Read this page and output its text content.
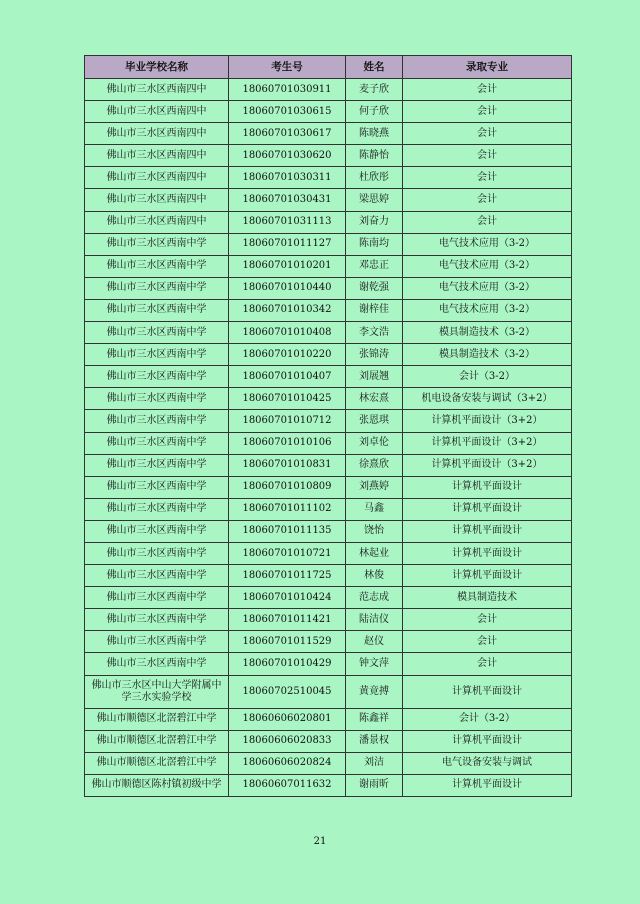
毕业学校名称	考生号	姓名	录取专业
佛山市三水区西南四中	18060701030911	麦子欣	会计
佛山市三水区西南四中	18060701030615	何子欣	会计
佛山市三水区西南四中	18060701030617	陈晓燕	会计
佛山市三水区西南四中	18060701030620	陈静怡	会计
佛山市三水区西南四中	18060701030311	杜欣彤	会计
佛山市三水区西南四中	18060701030431	梁思婷	会计
佛山市三水区西南四中	18060701031113	刘奋力	会计
佛山市三水区西南中学	18060701011127	陈南均	电气技术应用（3-2）
佛山市三水区西南中学	18060701010201	邓忠正	电气技术应用（3-2）
佛山市三水区西南中学	18060701010440	谢乾强	电气技术应用（3-2）
佛山市三水区西南中学	18060701010342	谢梓佳	电气技术应用（3-2）
佛山市三水区西南中学	18060701010408	李文浩	模具制造技术（3-2）
佛山市三水区西南中学	18060701010220	张锦涛	模具制造技术（3-2）
佛山市三水区西南中学	18060701010407	刘展翘	会计（3-2）
佛山市三水区西南中学	18060701010425	林宏熹	机电设备安装与调试（3+2）
佛山市三水区西南中学	18060701010712	张恩琪	计算机平面设计（3+2）
佛山市三水区西南中学	18060701010106	刘卓伦	计算机平面设计（3+2）
佛山市三水区西南中学	18060701010831	徐熹欣	计算机平面设计（3+2）
佛山市三水区西南中学	18060701010809	刘燕婷	计算机平面设计
佛山市三水区西南中学	18060701011102	马鑫	计算机平面设计
佛山市三水区西南中学	18060701011135	饶怡	计算机平面设计
佛山市三水区西南中学	18060701010721	林起业	计算机平面设计
佛山市三水区西南中学	18060701011725	林俊	计算机平面设计
佛山市三水区西南中学	18060701010424	范志成	模具制造技术
佛山市三水区西南中学	18060701011421	陆洁仪	会计
佛山市三水区西南中学	18060701011529	赵仪	会计
佛山市三水区西南中学	18060701010429	钟文萍	会计
佛山市三水区中山大学附属中学三水实验学校	18060702510045	黄竟搏	计算机平面设计
佛山市顺德区北滘碧江中学	18060606020801	陈鑫祥	会计（3-2）
佛山市顺德区北滘碧江中学	18060606020833	潘景权	计算机平面设计
佛山市顺德区北滘碧江中学	18060606020824	刘洁	电气设备安装与调试
佛山市顺德区陈村镇初级中学	18060607011632	谢雨昕	计算机平面设计
21
